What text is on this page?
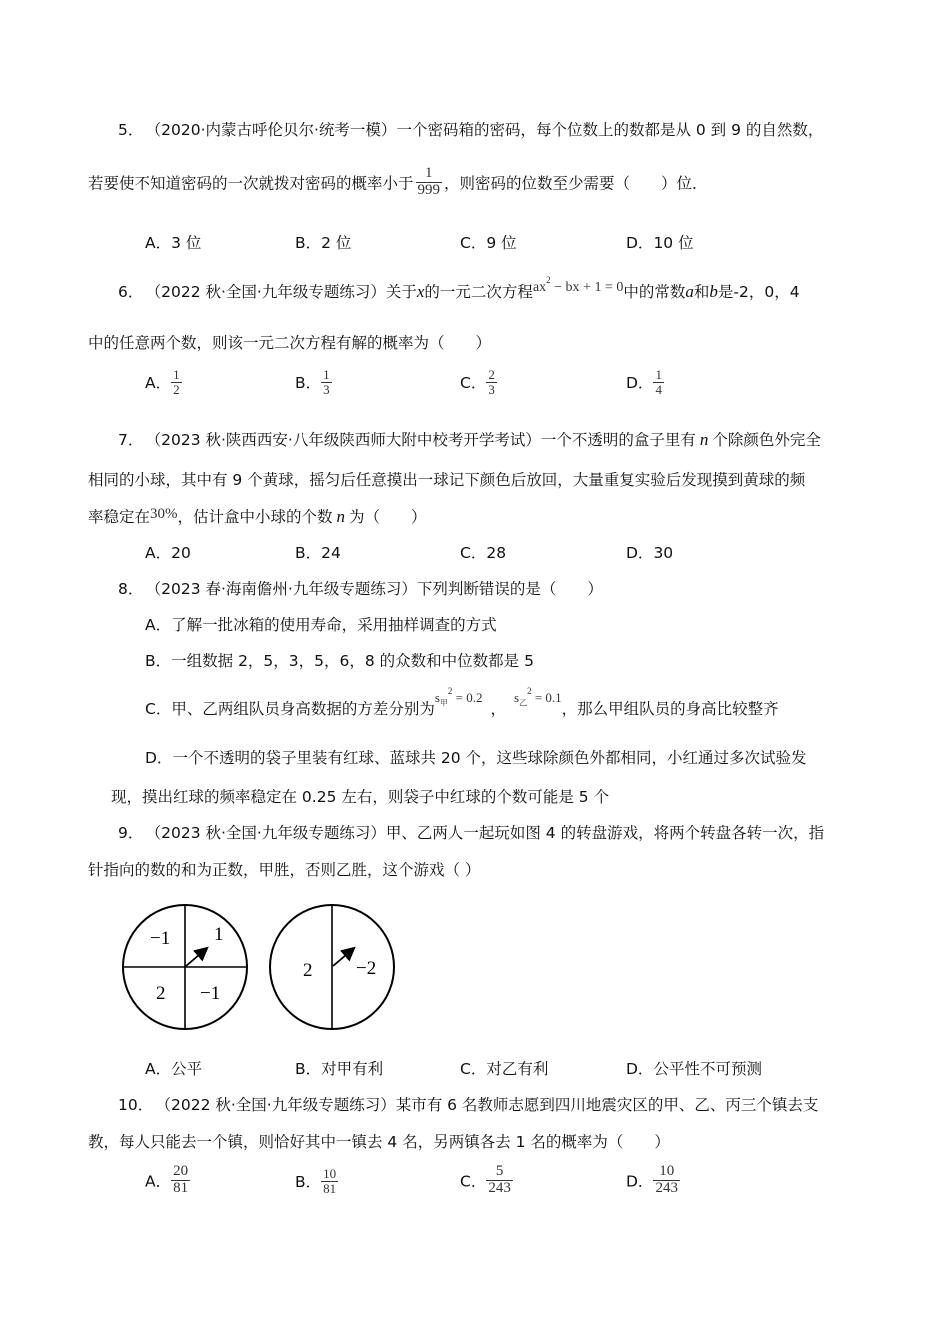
5． （2020·内蒙古呼伦贝尔·统考一模）一个密码箱的密码，每个位数上的数都是从 0 到 9 的自然数，
若要使不知道密码的一次就拨对密码的概率小于 $\frac{1}{999}$ ，则密码的位数至少需要（　　）位．
A．3 位	B．2 位	C．9 位	D．10 位
6． （2022 秋·全国·九年级专题练习）关于x的一元二次方程$ax^2$ − bx + 1 = 0中的常数a和b是-2，0，4
中的任意两个数，则该一元二次方程有解的概率为（　　）
A． $\frac{1}{2}$	B． $\frac{1}{3}$	C． $\frac{2}{3}$	D． $\frac{1}{4}$
7． （2023 秋·陕西西安·八年级陕西师大附中校考开学考试）一个不透明的盒子里有 n 个除颜色外完全
相同的小球，其中有 9 个黄球，摇匀后任意摸出一球记下颜色后放回，大量重复实验后发现摸到黄球的频
率稳定在30%，估计盒中小球的个数 n 为（　　）
A．20	B．24	C．28	D．30
8． （2023 春·海南儋州·九年级专题练习）下列判断错误的是（　　）
A．了解一批冰箱的使用寿命，采用抽样调查的方式
B．一组数据 2，5，3，5，6，8 的众数和中位数都是 5
C．甲、乙两组队员身高数据的方差分别为$^{s_甲^2 = 0.2}$，$^{s_乙^2 = 0.1}$，那么甲组队员的身高比较整齐
D．一个不透明的袋子里装有红球、蓝球共 20 个，这些球除颜色外都相同，小红通过多次试验发
现，摸出红球的频率稳定在 0.25 左右，则袋子中红球的个数可能是 5 个
9． （2023 秋·全国·九年级专题练习）甲、乙两人一起玩如图 4 的转盘游戏，将两个转盘各转一次，指
针指向的数的和为正数，甲胜，否则乙胜，这个游戏（ ）
−1 1
2 −1
2 −2
A．公平	B．对甲有利	C．对乙有利	D．公平性不可预测
10． （2022 秋·全国·九年级专题练习）某市有 6 名教师志愿到四川地震灾区的甲、乙、丙三个镇去支
教，每人只能去一个镇，则恰好其中一镇去 4 名，另两镇各去 1 名的概率为（　　）
A． $\frac{20}{81}$	B． $\frac{10}{81}$	C． $\frac{5}{243}$	D． $\frac{10}{243}$
